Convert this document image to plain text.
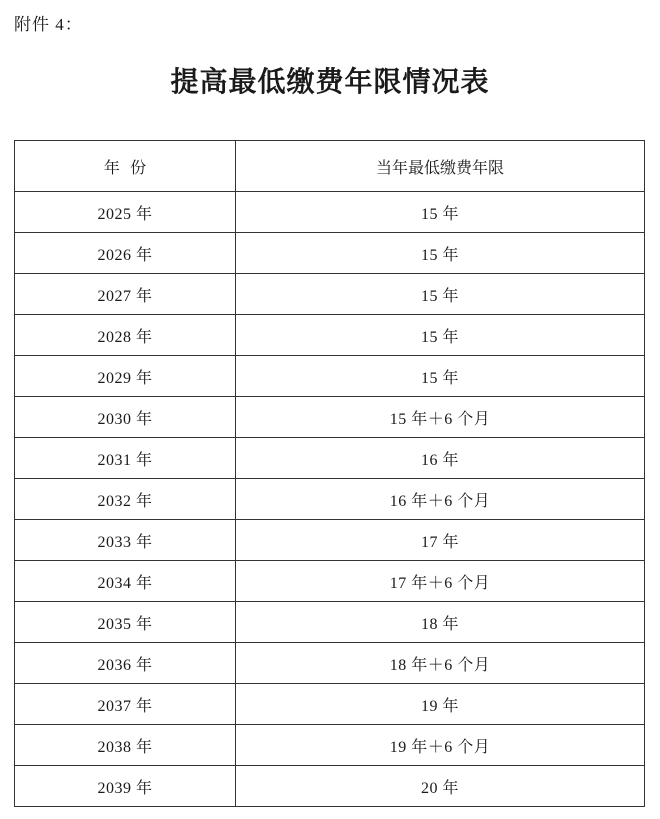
附件 4：
提高最低缴费年限情况表
年  份	当年最低缴费年限
2025 年	15 年
2026 年	15 年
2027 年	15 年
2028 年	15 年
2029 年	15 年
2030 年	15 年＋6 个月
2031 年	16 年
2032 年	16 年＋6 个月
2033 年	17 年
2034 年	17 年＋6 个月
2035 年	18 年
2036 年	18 年＋6 个月
2037 年	19 年
2038 年	19 年＋6 个月
2039 年	20 年
